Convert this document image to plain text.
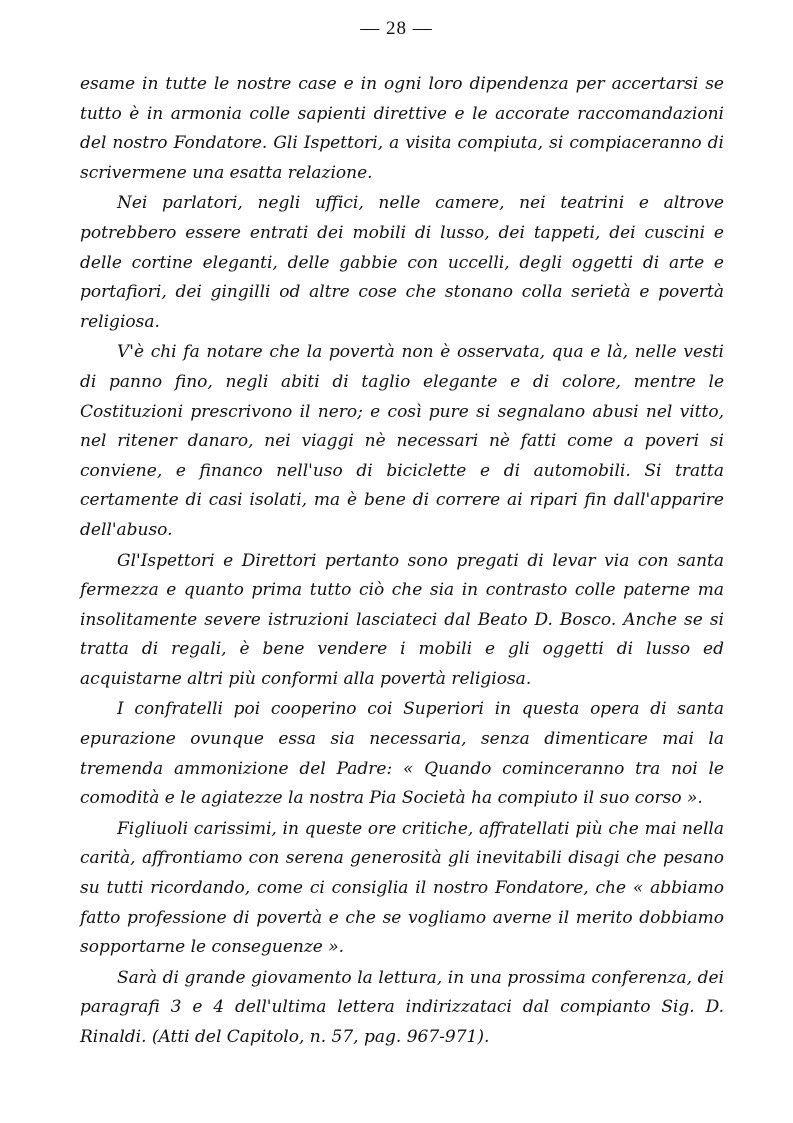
— 28 —

esame in tutte le nostre case e in ogni loro dipendenza per accertarsi se tutto è in armonia colle sapienti direttive e le accorate raccomandazioni del nostro Fondatore. Gli Ispettori, a visita compiuta, si compiaceranno di scrivermene una esatta relazione.

Nei parlatori, negli uffici, nelle camere, nei teatrini e altrove potrebbero essere entrati dei mobili di lusso, dei tappeti, dei cuscini e delle cortine eleganti, delle gabbie con uccelli, degli oggetti di arte e portafiori, dei gingilli od altre cose che stonano colla serietà e povertà religiosa.

V'è chi fa notare che la povertà non è osservata, qua e là, nelle vesti di panno fino, negli abiti di taglio elegante e di colore, mentre le Costituzioni prescrivono il nero; e così pure si segnalano abusi nel vitto, nel ritener danaro, nei viaggi nè necessari nè fatti come a poveri si conviene, e financo nell'uso di biciclette e di automobili. Si tratta certamente di casi isolati, ma è bene di correre ai ripari fin dall'apparire dell'abuso.

Gl'Ispettori e Direttori pertanto sono pregati di levar via con santa fermezza e quanto prima tutto ciò che sia in contrasto colle paterne ma insolitamente severe istruzioni lasciateci dal Beato D. Bosco. Anche se si tratta di regali, è bene vendere i mobili e gli oggetti di lusso ed acquistarne altri più conformi alla povertà religiosa.

I confratelli poi cooperino coi Superiori in questa opera di santa epurazione ovunque essa sia necessaria, senza dimenticare mai la tremenda ammonizione del Padre: « Quando cominceranno tra noi le comodità e le agiatezze la nostra Pia Società ha compiuto il suo corso ».

Figliuoli carissimi, in queste ore critiche, affratellati più che mai nella carità, affrontiamo con serena generosità gli inevitabili disagi che pesano su tutti ricordando, come ci consiglia il nostro Fondatore, che « abbiamo fatto professione di povertà e che se vogliamo averne il merito dobbiamo sopportarne le conseguenze ».

Sarà di grande giovamento la lettura, in una prossima conferenza, dei paragrafi 3 e 4 dell'ultima lettera indirizzataci dal compianto Sig. D. Rinaldi. (Atti del Capitolo, n. 57, pag. 967-971).
